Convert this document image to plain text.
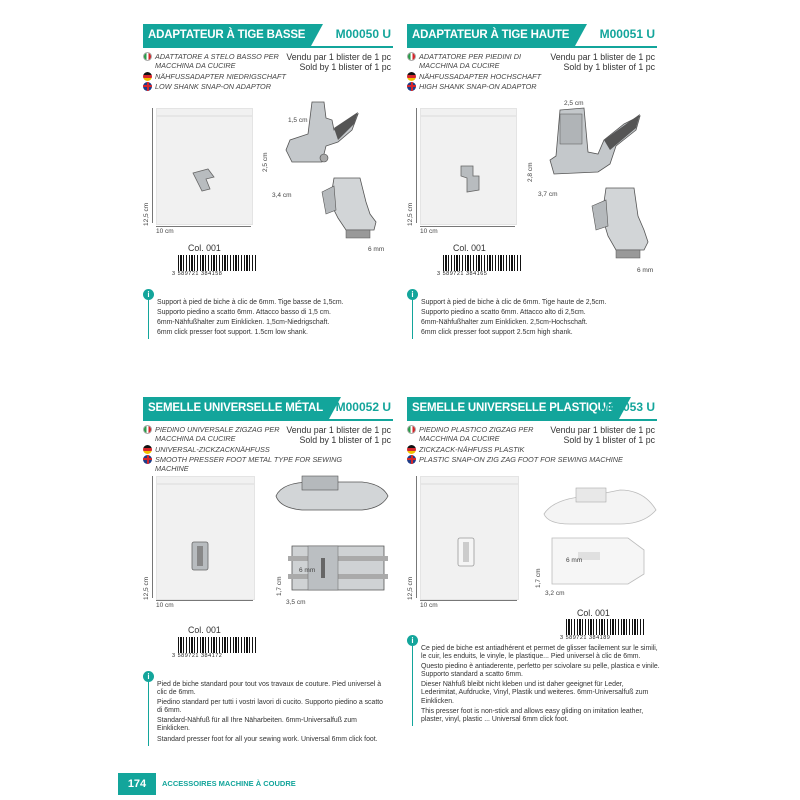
ADAPTATEUR À TIGE BASSE	M00050 U
ADATTATORE A STELO BASSO PER MACCHINA DA CUCIRE
NÄHFUSSADAPTER NIEDRIGSCHAFT
LOW SHANK SNAP-ON ADAPTOR
Vendu par 1 blister de 1 pc
Sold by 1 blister of 1 pc
12,5 cm
10 cm
1,5 cm
2,5 cm
3,4 cm
6 mm
Col. 001
3 589721 384158
i

Support à pied de biche à clic de 6mm. Tige basse de 1,5cm.

Supporto piedino a scatto 6mm. Attacco basso di 1,5 cm.

6mm-Nähfußhalter zum Einklicken. 1,5cm-Niedrigschaft.

6mm click presser foot support. 1.5cm low shank.

ADAPTATEUR À TIGE HAUTE	M00051 U
ADATTATORE PER PIEDINI DI MACCHINA DA CUCIRE
NÄHFUSSADAPTER HOCHSCHAFT
HIGH SHANK SNAP-ON ADAPTOR
Vendu par 1 blister de 1 pc
Sold by 1 blister of 1 pc
12,5 cm
10 cm
2,5 cm
2,8 cm
3,7 cm
6 mm
Col. 001
3 589721 384165
i

Support à pied de biche à clic de 6mm. Tige haute de 2,5cm.

Supporto piedino a scatto 6mm. Attacco alto di 2,5cm.

6mm-Nähfußhalter zum Einklicken. 2,5cm-Hochschaft.

6mm click presser foot support 2.5cm high shank.

SEMELLE UNIVERSELLE MÉTAL	M00052 U
PIEDINO UNIVERSALE ZIGZAG PER MACCHINA DA CUCIRE
UNIVERSAL-ZICKZACKNÄHFUSS
SMOOTH PRESSER FOOT METAL TYPE FOR SEWING MACHINE
Vendu par 1 blister de 1 pc
Sold by 1 blister of 1 pc
12,5 cm
10 cm
6 mm
1,7 cm
3,5 cm
Col. 001
3 589721 384172
i

Pied de biche standard pour tout vos travaux de couture. Pied universel à clic de 6mm.

Piedino standard per tutti i vostri lavori di cucito. Supporto piedino a scatto di 6mm.

Standard-Nähfuß für all Ihre Näharbeiten. 6mm-Universalfuß zum Einklicken.

Standard presser foot for all your sewing work. Universal 6mm click foot.

SEMELLE UNIVERSELLE PLASTIQUE
M00053 U
PIEDINO PLASTICO ZIGZAG PER MACCHINA DA CUCIRE
ZICKZACK-NÄHFUSS PLASTIK
PLASTIC SNAP-ON ZIG ZAG FOOT FOR SEWING MACHINE
Vendu par 1 blister de 1 pc
Sold by 1 blister of 1 pc
12,5 cm
10 cm
6 mm
1,7 cm
3,2 cm
Col. 001
3 589721 384189
i

Ce pied de biche est antiadhérent et permet de glisser facilement sur le simili, le cuir, les enduits, le vinyle, le plastique... Pied universel à clic de 6mm.

Questo piedino è antiaderente, perfetto per scivolare su pelle, plastica e vinile. Supporto standard a scatto 6mm.

Dieser Nähfuß bleibt nicht kleben und ist daher geeignet für Leder, Lederimitat, Aufdrucke, Vinyl, Plastik und weiteres. 6mm-Universalfuß zum Einklicken.

This presser foot is non-stick and allows easy gliding on imitation leather, plaster, vinyl, plastic ... Universal 6mm click foot.

174	ACCESSOIRES MACHINE À COUDRE
